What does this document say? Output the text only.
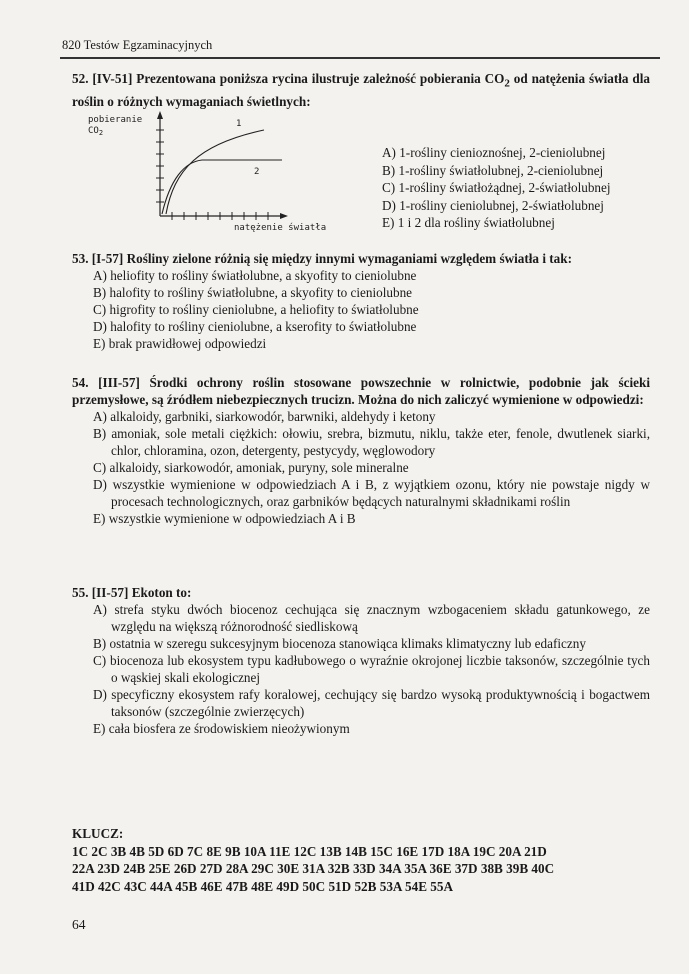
820 Testów Egzaminacyjnych
52. [IV-51] Prezentowana poniższa rycina ilustruje zależność pobierania $CO_2$ od natężenia światła dla roślin o różnych wymaganiach świetlnych:
pobieranie
$CO_2$
1
2
natężenie światła
A) 1-rośliny cienioznośnej, 2-cieniolubnej
B) 1-rośliny światłolubnej, 2-cieniolubnej
C) 1-rośliny światłożądnej, 2-światłolubnej
D) 1-rośliny cieniolubnej, 2-światłolubnej
E) 1 i 2 dla rośliny światłolubnej
53. [I-57] Rośliny zielone różnią się między innymi wymaganiami względem światła i tak:
A) heliofity to rośliny światłolubne, a skyofity to cieniolubne
B) halofity to rośliny światłolubne, a skyofity to cieniolubne
C) higrofity to rośliny cieniolubne, a heliofity to światłolubne
D) halofity to rośliny cieniolubne, a kserofity to światłolubne
E) brak prawidłowej odpowiedzi
54. [III-57] Środki ochrony roślin stosowane powszechnie w rolnictwie, podobnie jak ścieki przemysłowe, są źródłem niebezpiecznych trucizn. Można do nich zaliczyć wymienione w odpowiedzi:
A) alkaloidy, garbniki, siarkowodór, barwniki, aldehydy i ketony
B) amoniak, sole metali ciężkich: ołowiu, srebra, bizmutu, niklu, także eter, fenole, dwutlenek siarki, chlor, chloramina, ozon, detergenty, pestycydy, węglowodory
C) alkaloidy, siarkowodór, amoniak, puryny, sole mineralne
D) wszystkie wymienione w odpowiedziach A i B, z wyjątkiem ozonu, który nie powstaje nigdy w procesach technologicznych, oraz garbników będących naturalnymi składnikami roślin
E) wszystkie wymienione w odpowiedziach A i B
55. [II-57] Ekoton to:
A) strefa styku dwóch biocenoz cechująca się znacznym wzbogaceniem składu gatunkowego, ze względu na większą różnorodność siedliskową
B) ostatnia w szeregu sukcesyjnym biocenoza stanowiąca klimaks klimatyczny lub edaficzny
C) biocenoza lub ekosystem typu kadłubowego o wyraźnie okrojonej liczbie taksonów, szczególnie tych o wąskiej skali ekologicznej
D) specyficzny ekosystem rafy koralowej, cechujący się bardzo wysoką produktywnością i bogactwem taksonów (szczególnie zwierzęcych)
E) cała biosfera ze środowiskiem nieożywionym
KLUCZ:
1C 2C 3B 4B 5D 6D 7C 8E 9B 10A 11E 12C 13B 14B 15C 16E 17D 18A 19C 20A 21D
22A 23D 24B 25E 26D 27D 28A 29C 30E 31A 32B 33D 34A 35A 36E 37D 38B 39B 40C
41D 42C 43C 44A 45B 46E 47B 48E 49D 50C 51D 52B 53A 54E 55A
64
